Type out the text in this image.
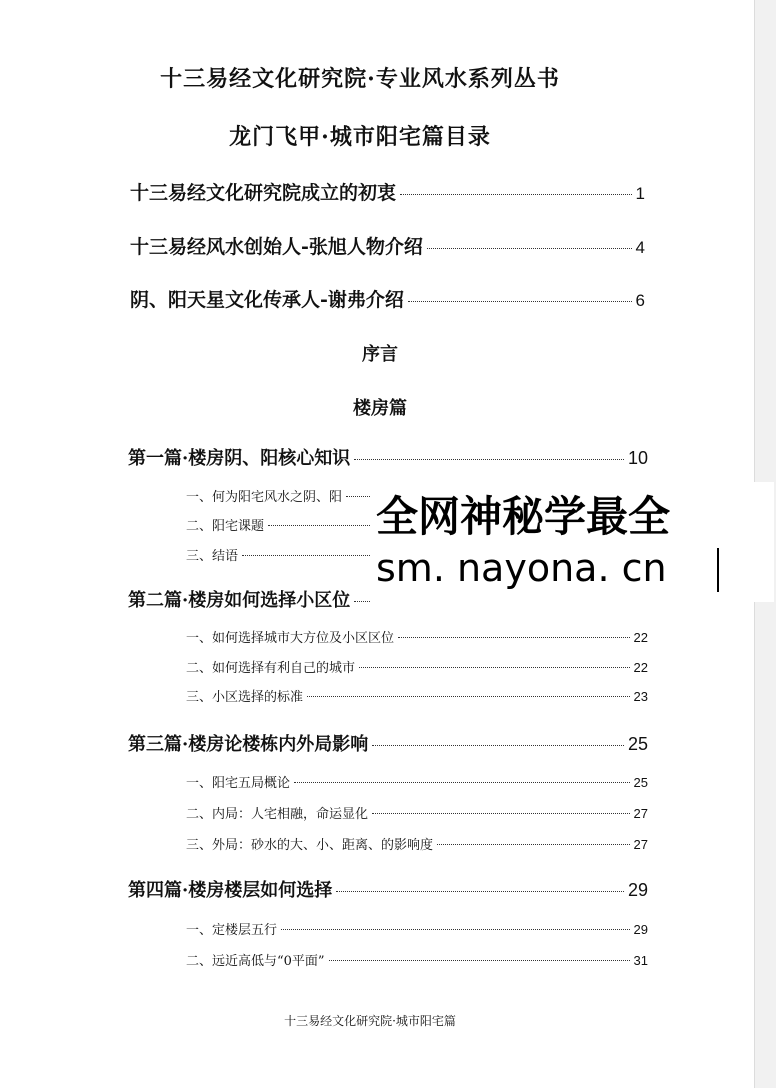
十三易经文化研究院·专业风水系列丛书
龙门飞甲·城市阳宅篇目录
十三易经文化研究院成立的初衷	1
十三易经风水创始人-张旭人物介绍	4
阴、阳天星文化传承人-谢弗介绍	6
序言
楼房篇
第一篇·楼房阴、阳核心知识	10
一、何为阳宅风水之阴、阳
二、阳宅课题
三、结语
第二篇·楼房如何选择小区位
一、如何选择城市大方位及小区区位	22
二、如何选择有利自己的城市	22
三、小区选择的标准	23
第三篇·楼房论楼栋内外局影响	25
一、阳宅五局概论	25
二、内局：人宅相融，命运显化	27
三、外局：砂水的大、小、距离、的影响度	27
第四篇·楼房楼层如何选择	29
一、定楼层五行	29
二、远近高低与“0平面”	31
十三易经文化研究院·城市阳宅篇
全网神秘学最全
sm. nayona. cn
